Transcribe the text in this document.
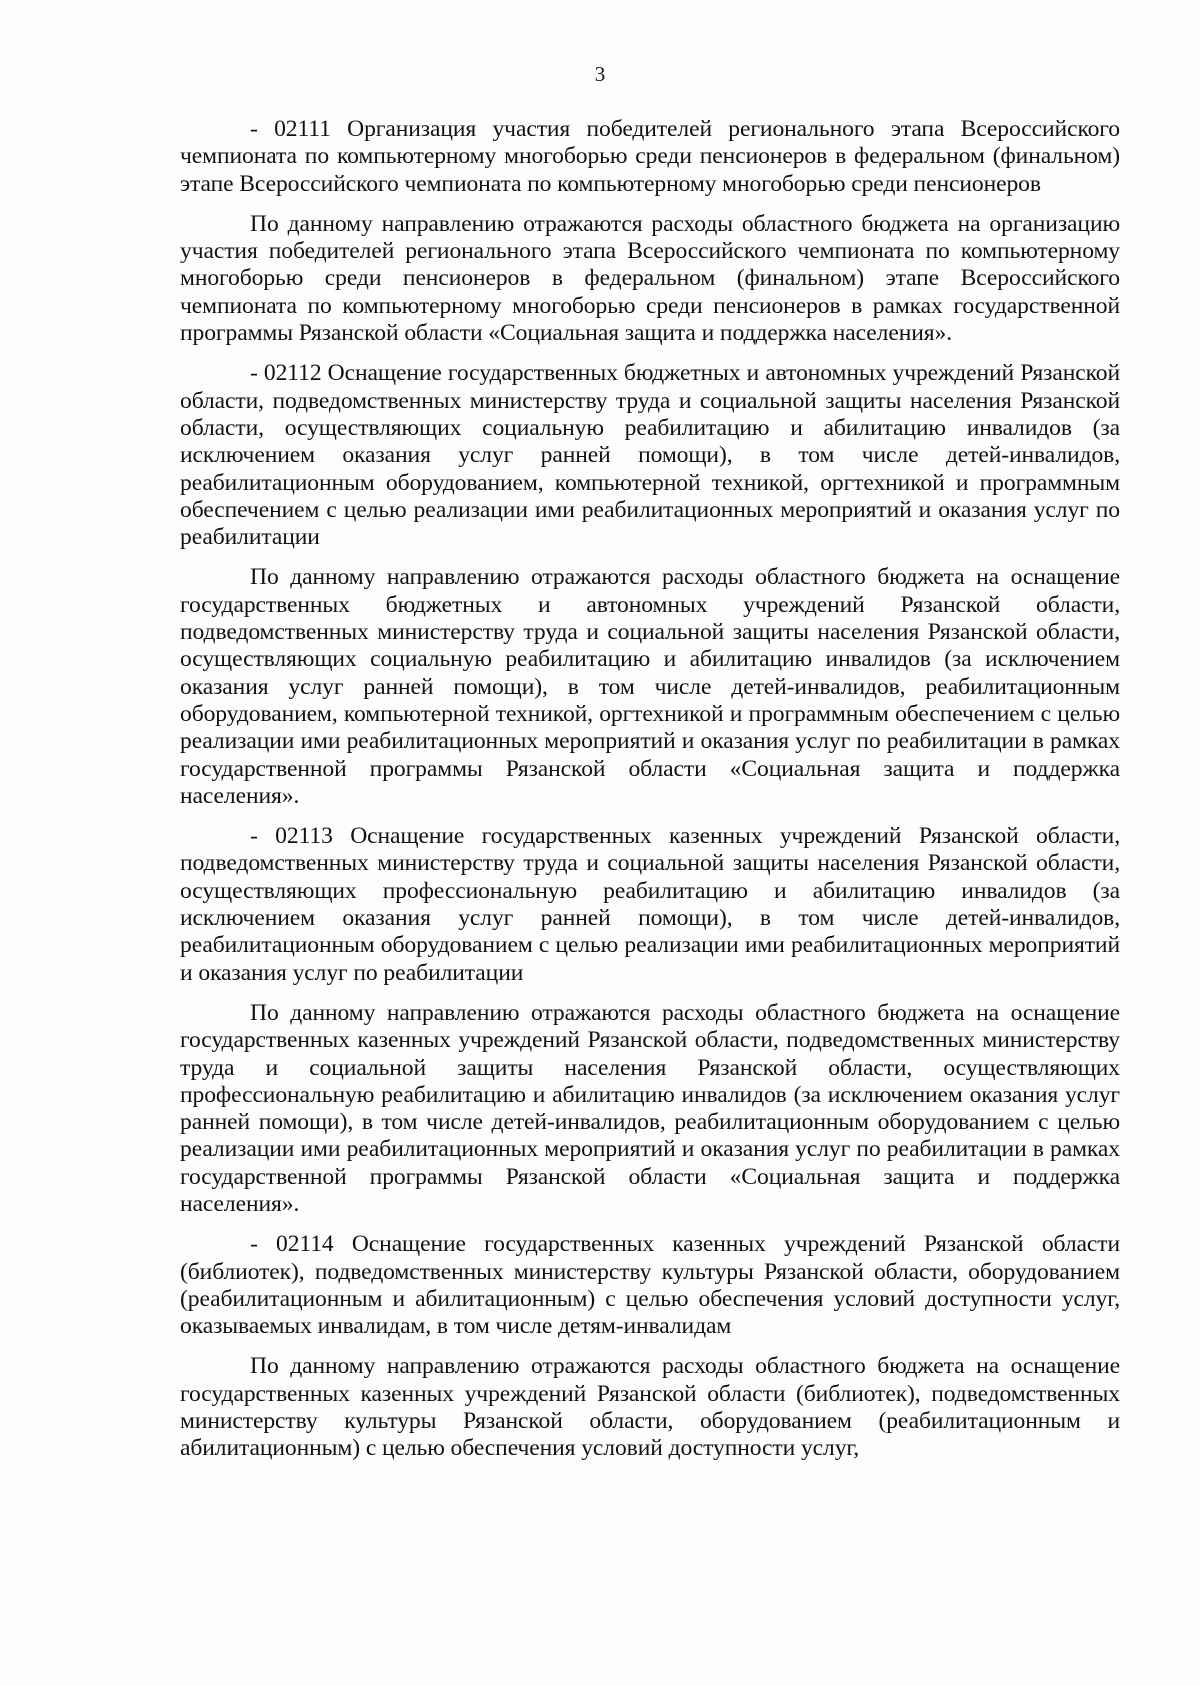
3

- 02111 Организация участия победителей регионального этапа Всероссийского чемпионата по компьютерному многоборью среди пенсионеров в федеральном (финальном) этапе Всероссийского чемпионата по компьютерному многоборью среди пенсионеров

По данному направлению отражаются расходы областного бюджета на организацию участия победителей регионального этапа Всероссийского чемпионата по компьютерному многоборью среди пенсионеров в федеральном (финальном) этапе Всероссийского чемпионата по компьютерному многоборью среди пенсионеров в рамках государственной программы Рязанской области «Социальная защита и поддержка населения».

- 02112 Оснащение государственных бюджетных и автономных учреждений Рязанской области, подведомственных министерству труда и социальной защиты населения Рязанской области, осуществляющих социальную реабилитацию и абилитацию инвалидов (за исключением оказания услуг ранней помощи), в том числе детей-инвалидов, реабилитационным оборудованием, компьютерной техникой, оргтехникой и программным обеспечением с целью реализации ими реабилитационных мероприятий и оказания услуг по реабилитации

По данному направлению отражаются расходы областного бюджета на оснащение государственных бюджетных и автономных учреждений Рязанской области, подведомственных министерству труда и социальной защиты населения Рязанской области, осуществляющих социальную реабилитацию и абилитацию инвалидов (за исключением оказания услуг ранней помощи), в том числе детей-инвалидов, реабилитационным оборудованием, компьютерной техникой, оргтехникой и программным обеспечением с целью реализации ими реабилитационных мероприятий и оказания услуг по реабилитации в рамках государственной программы Рязанской области «Социальная защита и поддержка населения».

- 02113 Оснащение государственных казенных учреждений Рязанской области, подведомственных министерству труда и социальной защиты населения Рязанской области, осуществляющих профессиональную реабилитацию и абилитацию инвалидов (за исключением оказания услуг ранней помощи), в том числе детей-инвалидов, реабилитационным оборудованием с целью реализации ими реабилитационных мероприятий и оказания услуг по реабилитации

По данному направлению отражаются расходы областного бюджета на оснащение государственных казенных учреждений Рязанской области, подведомственных министерству труда и социальной защиты населения Рязанской области, осуществляющих профессиональную реабилитацию и абилитацию инвалидов (за исключением оказания услуг ранней помощи), в том числе детей-инвалидов, реабилитационным оборудованием с целью реализации ими реабилитационных мероприятий и оказания услуг по реабилитации в рамках государственной программы Рязанской области «Социальная защита и поддержка населения».

- 02114 Оснащение государственных казенных учреждений Рязанской области (библиотек), подведомственных министерству культуры Рязанской области, оборудованием (реабилитационным и абилитационным) с целью обеспечения условий доступности услуг, оказываемых инвалидам, в том числе детям-инвалидам

По данному направлению отражаются расходы областного бюджета на оснащение государственных казенных учреждений Рязанской области (библиотек), подведомственных министерству культуры Рязанской области, оборудованием (реабилитационным и абилитационным) с целью обеспечения условий доступности услуг,
